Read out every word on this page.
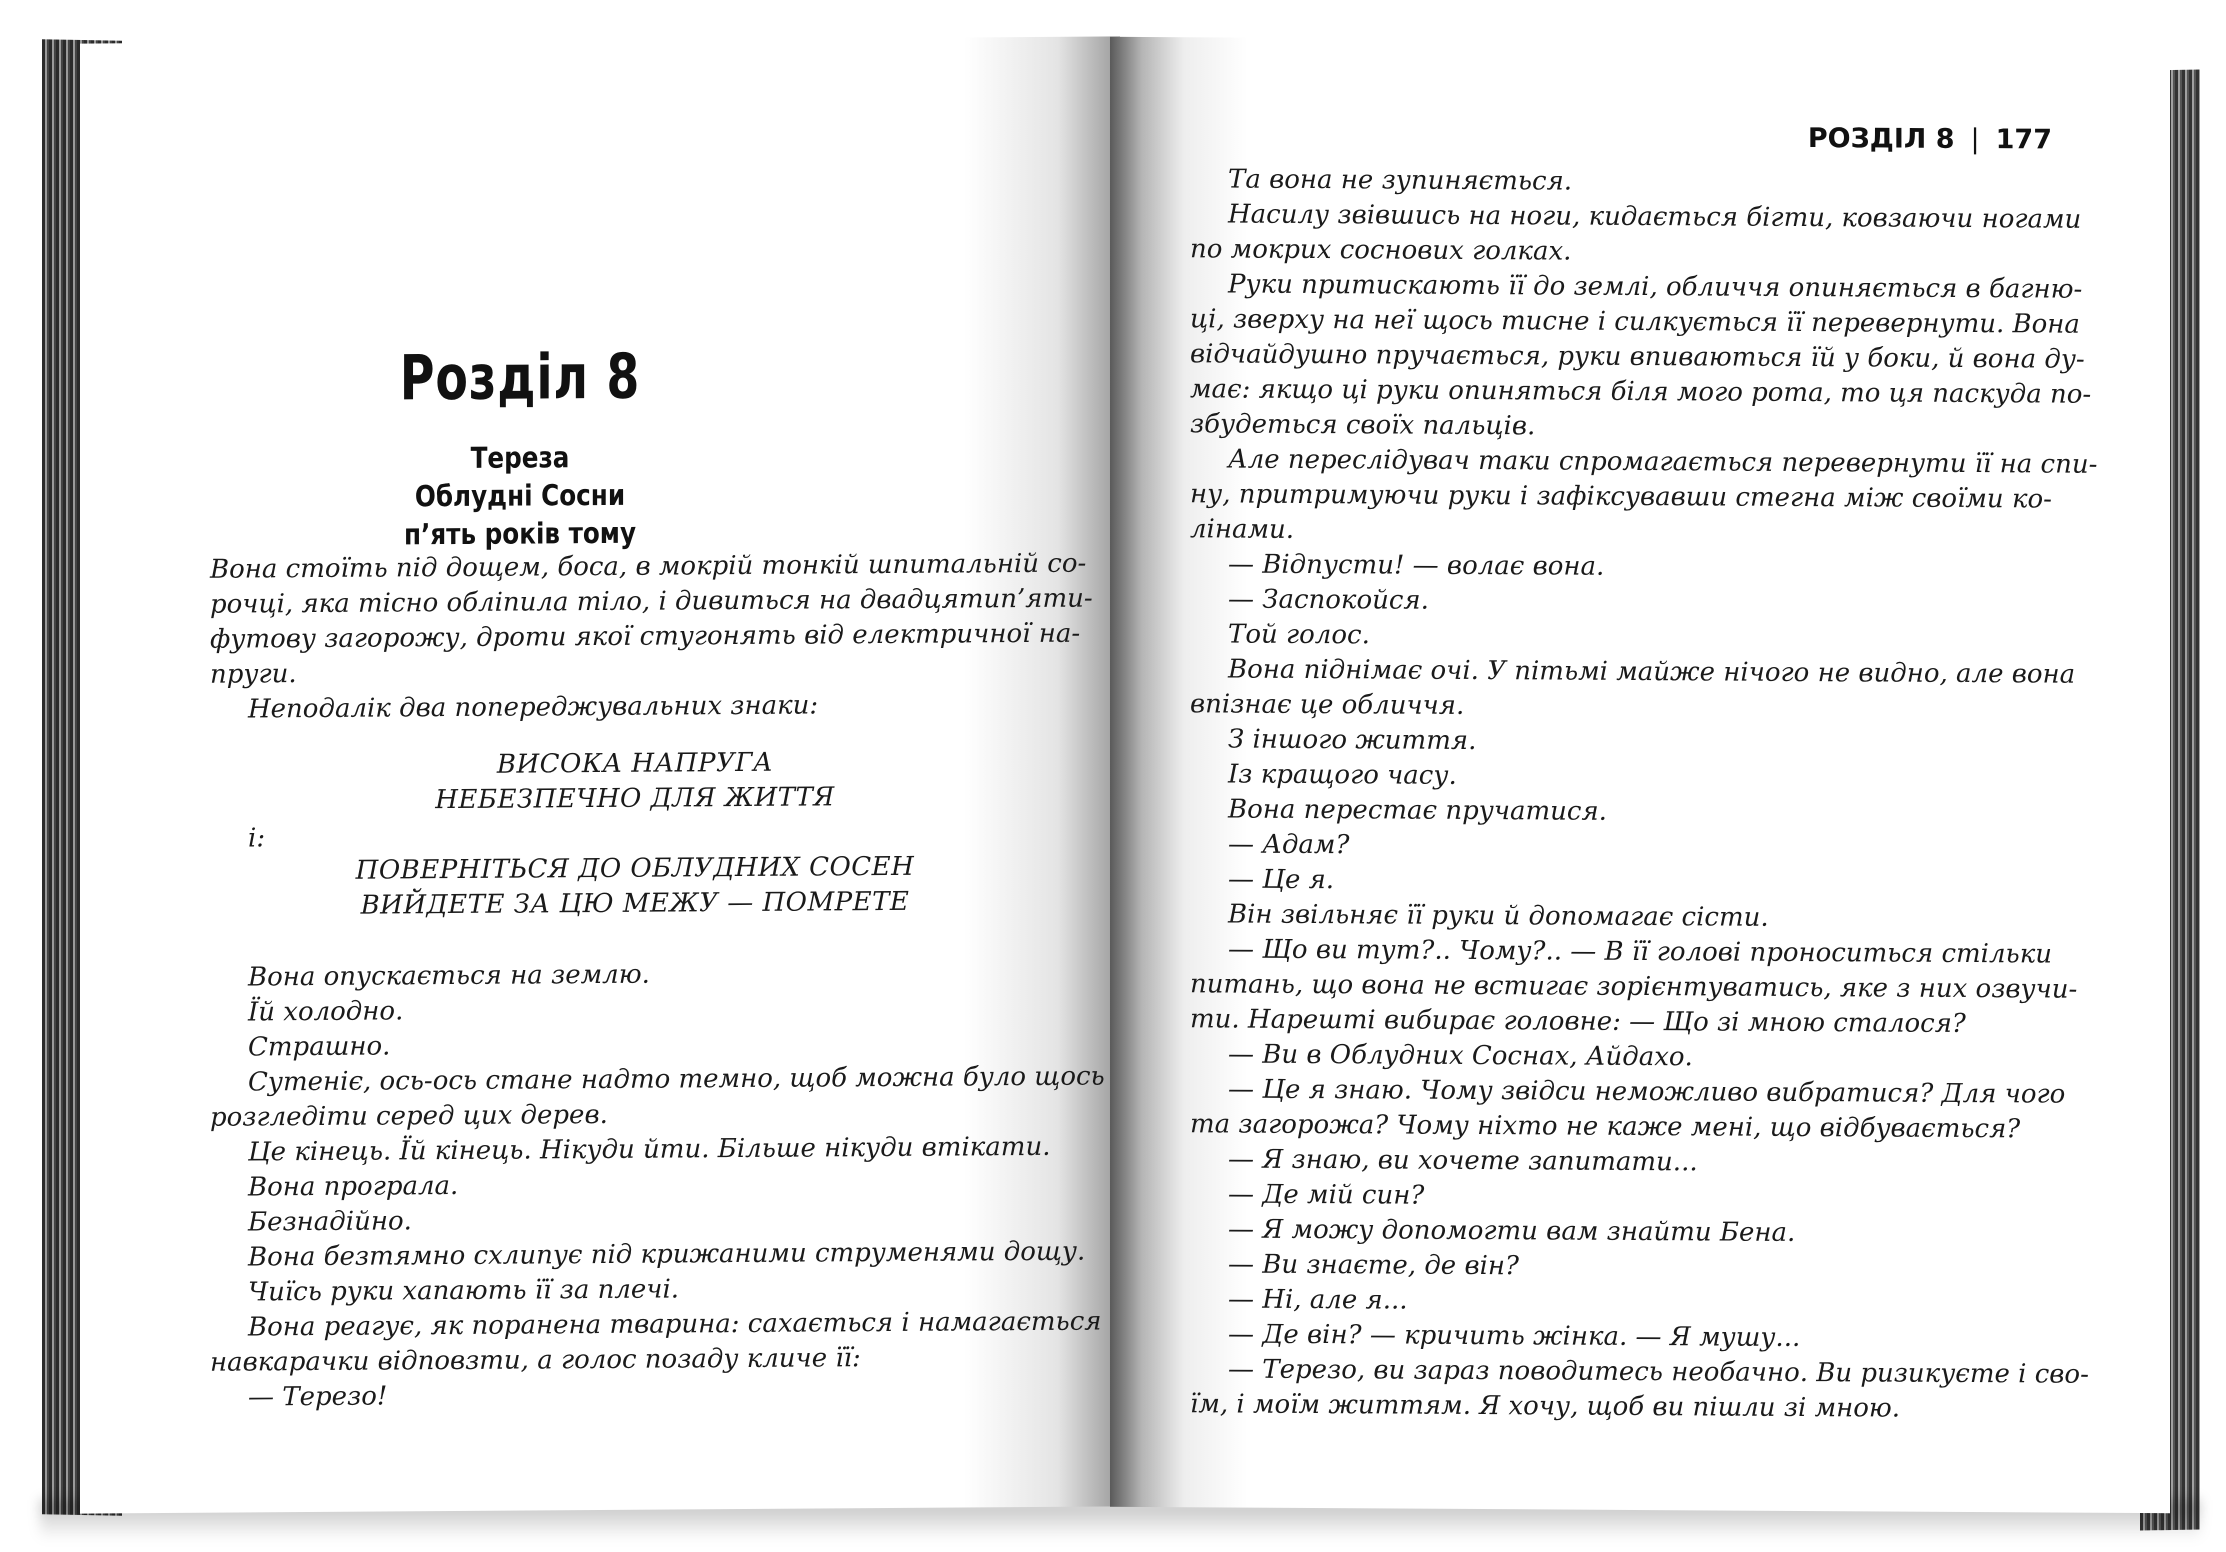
Розділ 8
Тереза
Облудні Сосни
п’ять років тому

Вона стоїть під дощем, боса, в мокрій тонкій шпитальній со-

рочці, яка тісно обліпила тіло, і дивиться на двадцятип’яти-

футову загорожу, дроти якої стугонять від електричної на-

пруги.

Неподалік два попереджувальних знаки:

ВИСОКА НАПРУГА

НЕБЕЗПЕЧНО ДЛЯ ЖИТТЯ

і:

ПОВЕРНІТЬСЯ ДО ОБЛУДНИХ СОСЕН

ВИЙДЕТЕ ЗА ЦЮ МЕЖУ — ПОМРЕТЕ

Вона опускається на землю.

Їй холодно.

Страшно.

Сутеніє, ось-ось стане надто темно, щоб можна було щось

розгледіти серед цих дерев.

Це кінець. Їй кінець. Нікуди йти. Більше нікуди втікати.

Вона програла.

Безнадійно.

Вона безтямно схлипує під крижаними струменями дощу.

Чиїсь руки хапають її за плечі.

Вона реагує, як поранена тварина: сахається і намагається

навкарачки відповзти, а голос позаду кличе її:

— Терезо!

РОЗДІЛ 8 | 177

Та вона не зупиняється.

Насилу звівшись на ноги, кидається бігти, ковзаючи ногами

по мокрих соснових голках.

Руки притискають її до землі, обличчя опиняється в багню-

ці, зверху на неї щось тисне і силкується її перевернути. Вона

відчайдушно пручається, руки впиваються їй у боки, й вона ду-

має: якщо ці руки опиняться біля мого рота, то ця паскуда по-

збудеться своїх пальців.

Але переслідувач таки спромагається перевернути її на спи-

ну, притримуючи руки і зафіксувавши стегна між своїми ко-

лінами.

— Відпусти! — волає вона.

— Заспокойся.

Той голос.

Вона піднімає очі. У пітьмі майже нічого не видно, але вона

впізнає це обличчя.

З іншого життя.

Із кращого часу.

Вона перестає пручатися.

— Адам?

— Це я.

Він звільняє її руки й допомагає сісти.

— Що ви тут?.. Чому?.. — В її голові проноситься стільки

питань, що вона не встигає зорієнтуватись, яке з них озвучи-

ти. Нарешті вибирає головне: — Що зі мною сталося?

— Ви в Облудних Соснах, Айдахо.

— Це я знаю. Чому звідси неможливо вибратися? Для чого

та загорожа? Чому ніхто не каже мені, що відбувається?

— Я знаю, ви хочете запитати...

— Де мій син?

— Я можу допомогти вам знайти Бена.

— Ви знаєте, де він?

— Ні, але я...

— Де він? — кричить жінка. — Я мушу...

— Терезо, ви зараз поводитесь необачно. Ви ризикуєте і сво-

їм, і моїм життям. Я хочу, щоб ви пішли зі мною.
